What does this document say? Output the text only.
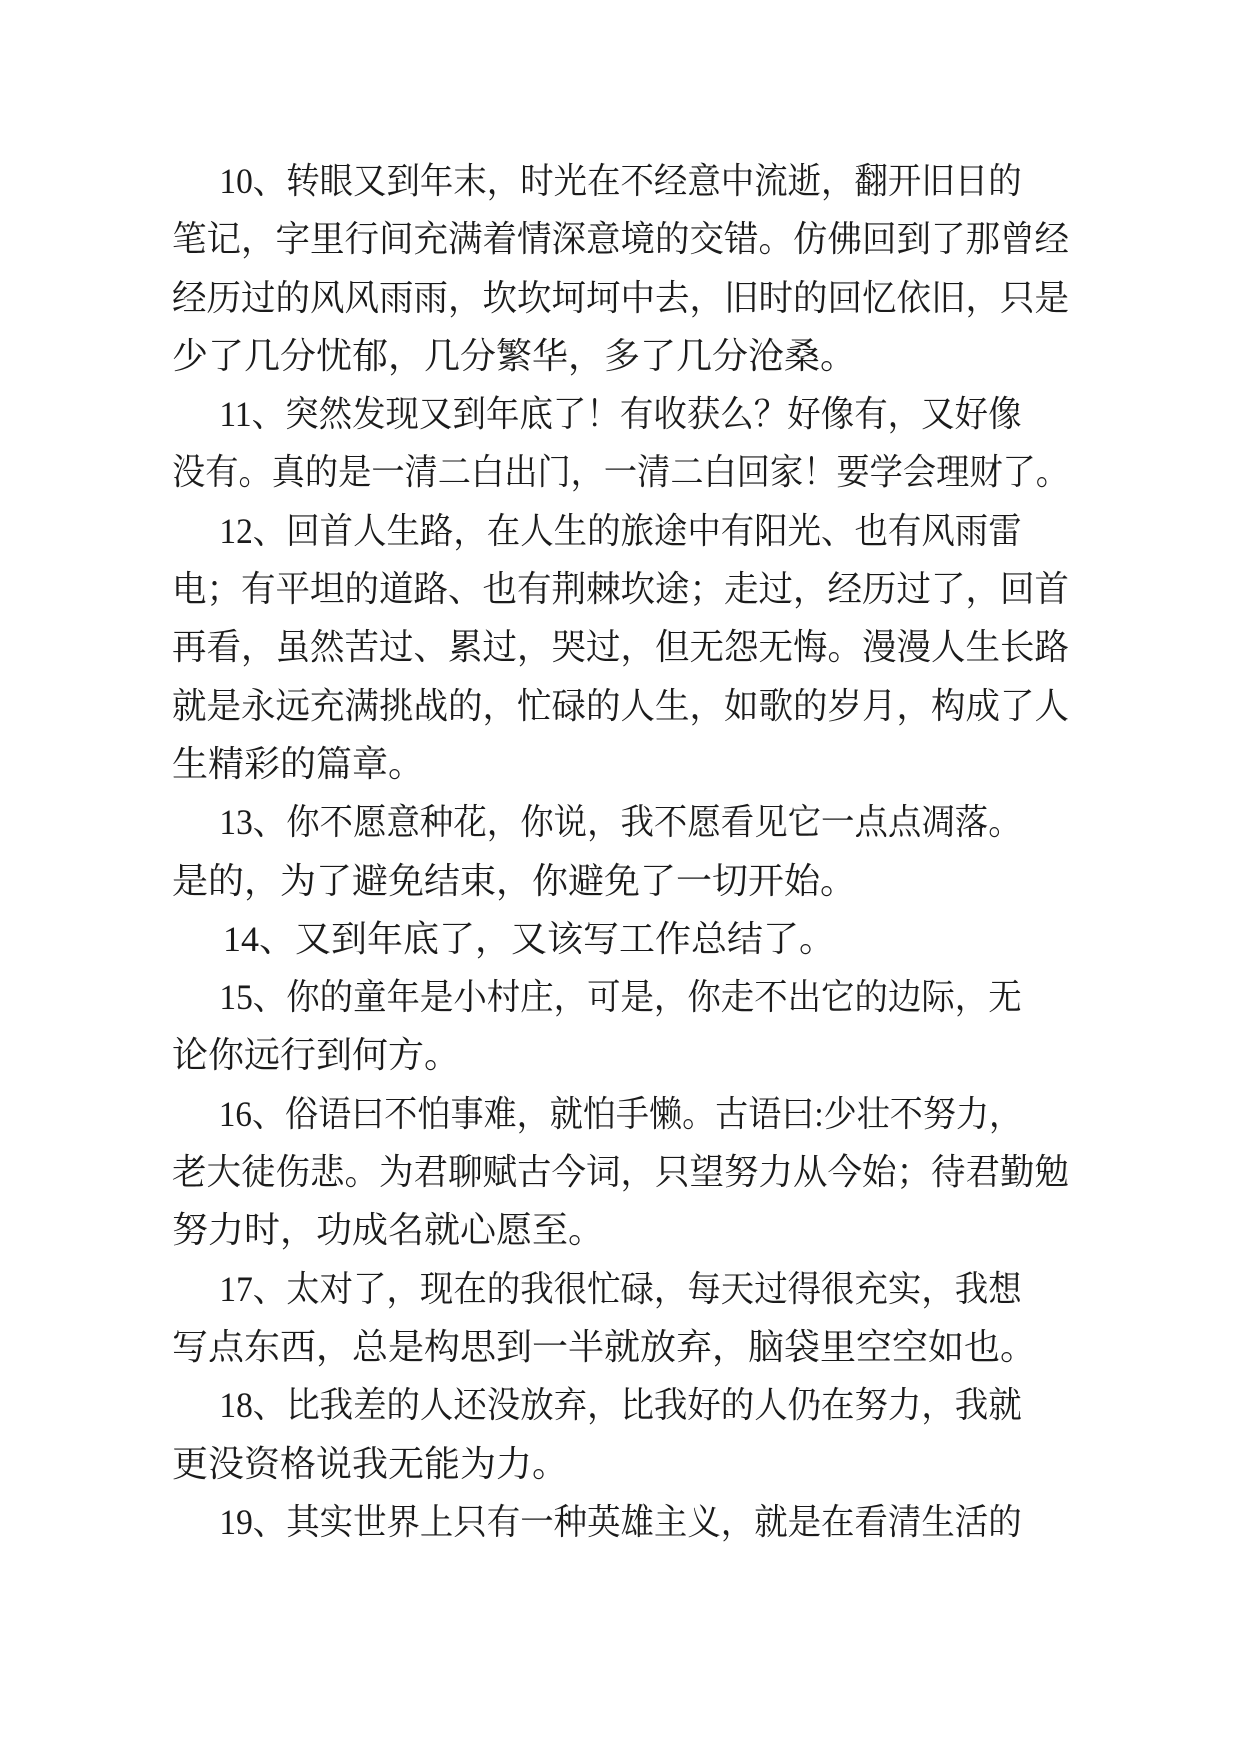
10、转眼又到年末，时光在不经意中流逝，翻开旧日的
笔记，字里行间充满着情深意境的交错。仿佛回到了那曾经
经历过的风风雨雨，坎坎坷坷中去，旧时的回忆依旧，只是
少了几分忧郁，几分繁华，多了几分沧桑。

11、突然发现又到年底了！有收获么？好像有，又好像
没有。真的是一清二白出门，一清二白回家！要学会理财了。

12、回首人生路，在人生的旅途中有阳光、也有风雨雷
电；有平坦的道路、也有荆棘坎途；走过，经历过了，回首
再看，虽然苦过、累过，哭过，但无怨无悔。漫漫人生长路
就是永远充满挑战的，忙碌的人生，如歌的岁月，构成了人
生精彩的篇章。

13、你不愿意种花，你说，我不愿看见它一点点凋落。
是的，为了避免结束，你避免了一切开始。

14、又到年底了，又该写工作总结了。

15、你的童年是小村庄，可是，你走不出它的边际，无
论你远行到何方。

16、俗语曰不怕事难，就怕手懒。古语曰:少壮不努力，
老大徒伤悲。为君聊赋古今词，只望努力从今始；待君勤勉
努力时，功成名就心愿至。

17、太对了，现在的我很忙碌，每天过得很充实，我想
写点东西，总是构思到一半就放弃，脑袋里空空如也。

18、比我差的人还没放弃，比我好的人仍在努力，我就
更没资格说我无能为力。

19、其实世界上只有一种英雄主义，就是在看清生活的
